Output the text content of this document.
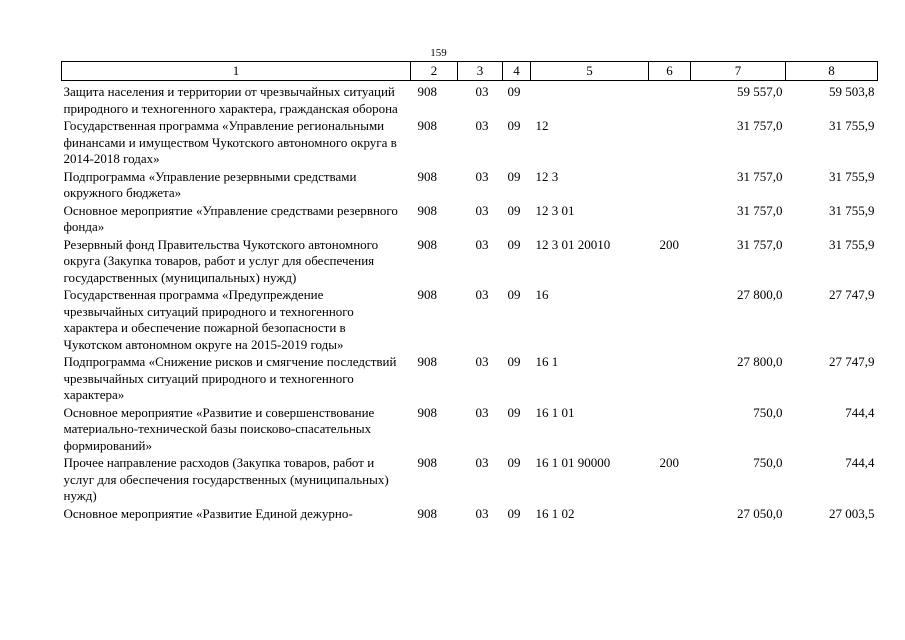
159
1	2	3	4	5	6	7	8
Защита населения и территории от чрезвычайных ситуаций природного и техногенного характера, гражданская оборона	908	03	09			59 557,0	59 503,8
Государственная программа «Управление региональными финансами и имуществом Чукотского автономного округа в 2014-2018 годах»	908	03	09	12		31 757,0	31 755,9
Подпрограмма «Управление резервными средствами окружного бюджета»	908	03	09	12 3		31 757,0	31 755,9
Основное мероприятие «Управление средствами резервного фонда»	908	03	09	12 3 01		31 757,0	31 755,9
Резервный фонд Правительства Чукотского автономного округа (Закупка товаров, работ и услуг для обеспечения государственных (муниципальных) нужд)	908	03	09	12 3 01 20010	200	31 757,0	31 755,9
Государственная программа «Предупреждение чрезвычайных ситуаций природного и техногенного характера и обеспечение пожарной безопасности в Чукотском автономном округе на 2015-2019 годы»	908	03	09	16		27 800,0	27 747,9
Подпрограмма «Снижение рисков и смягчение последствий чрезвычайных ситуаций природного и техногенного характера»	908	03	09	16 1		27 800,0	27 747,9
Основное мероприятие «Развитие и совершенствование материально-технической базы поисково-спасательных формирований»	908	03	09	16 1 01		750,0	744,4
Прочее направление расходов (Закупка товаров, работ и услуг для обеспечения государственных (муниципальных) нужд)	908	03	09	16 1 01 90000	200	750,0	744,4
Основное мероприятие «Развитие Единой дежурно-	908	03	09	16 1 02		27 050,0	27 003,5
